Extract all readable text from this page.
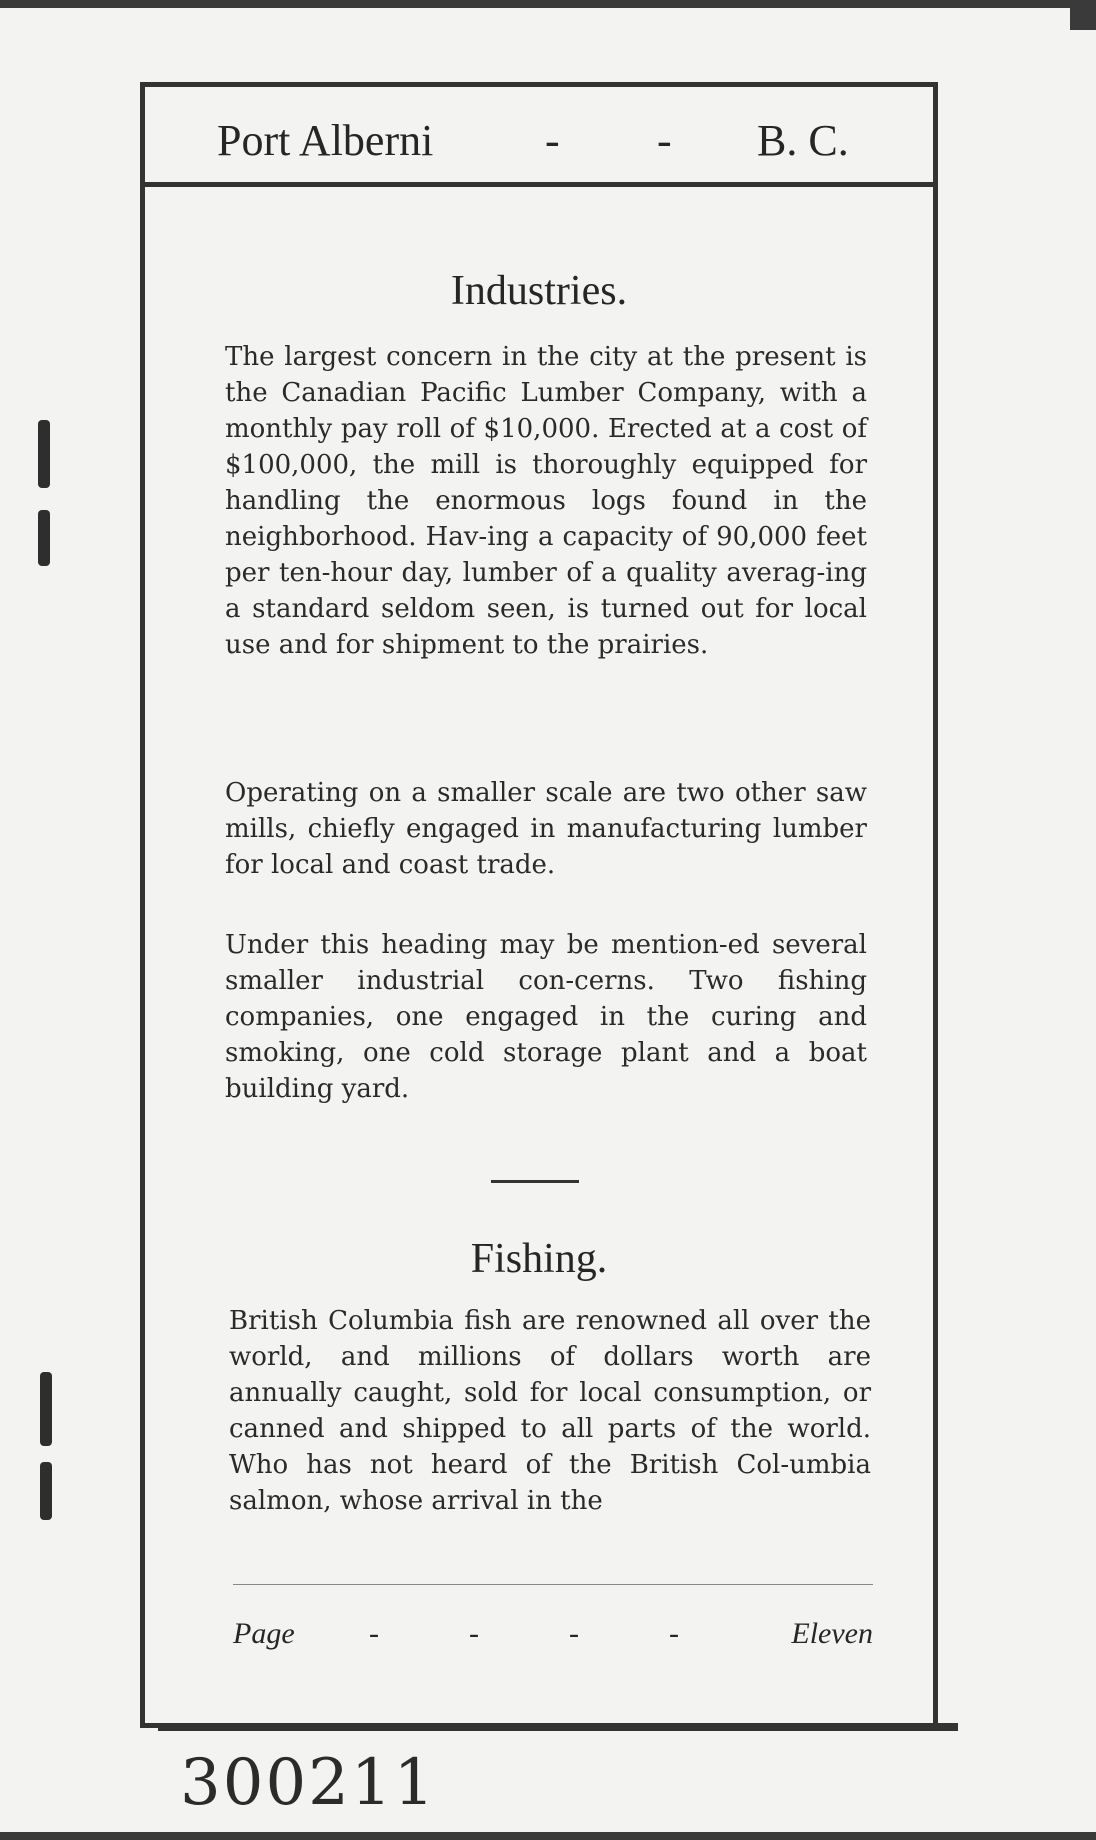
Port Alberni	- - B. C.
Industries.

The largest concern in the city at the present is the Canadian Pacific Lumber Company, with a monthly pay roll of $10,000. Erected at a cost of $100,000, the mill is thoroughly equipped for handling the enormous logs found in the neighborhood. Hav-ing a capacity of 90,000 feet per ten-hour day, lumber of a quality averag-ing a standard seldom seen, is turned out for local use and for shipment to the prairies.

Operating on a smaller scale are two other saw mills, chiefly engaged in manufacturing lumber for local and coast trade.

Under this heading may be mention-ed several smaller industrial con-cerns. Two fishing companies, one engaged in the curing and smoking, one cold storage plant and a boat building yard.

Fishing.

British Columbia fish are renowned all over the world, and millions of dollars worth are annually caught, sold for local consumption, or canned and shipped to all parts of the world. Who has not heard of the British Col-umbia salmon, whose arrival in the

Page -	-	-	-	Eleven
300211
